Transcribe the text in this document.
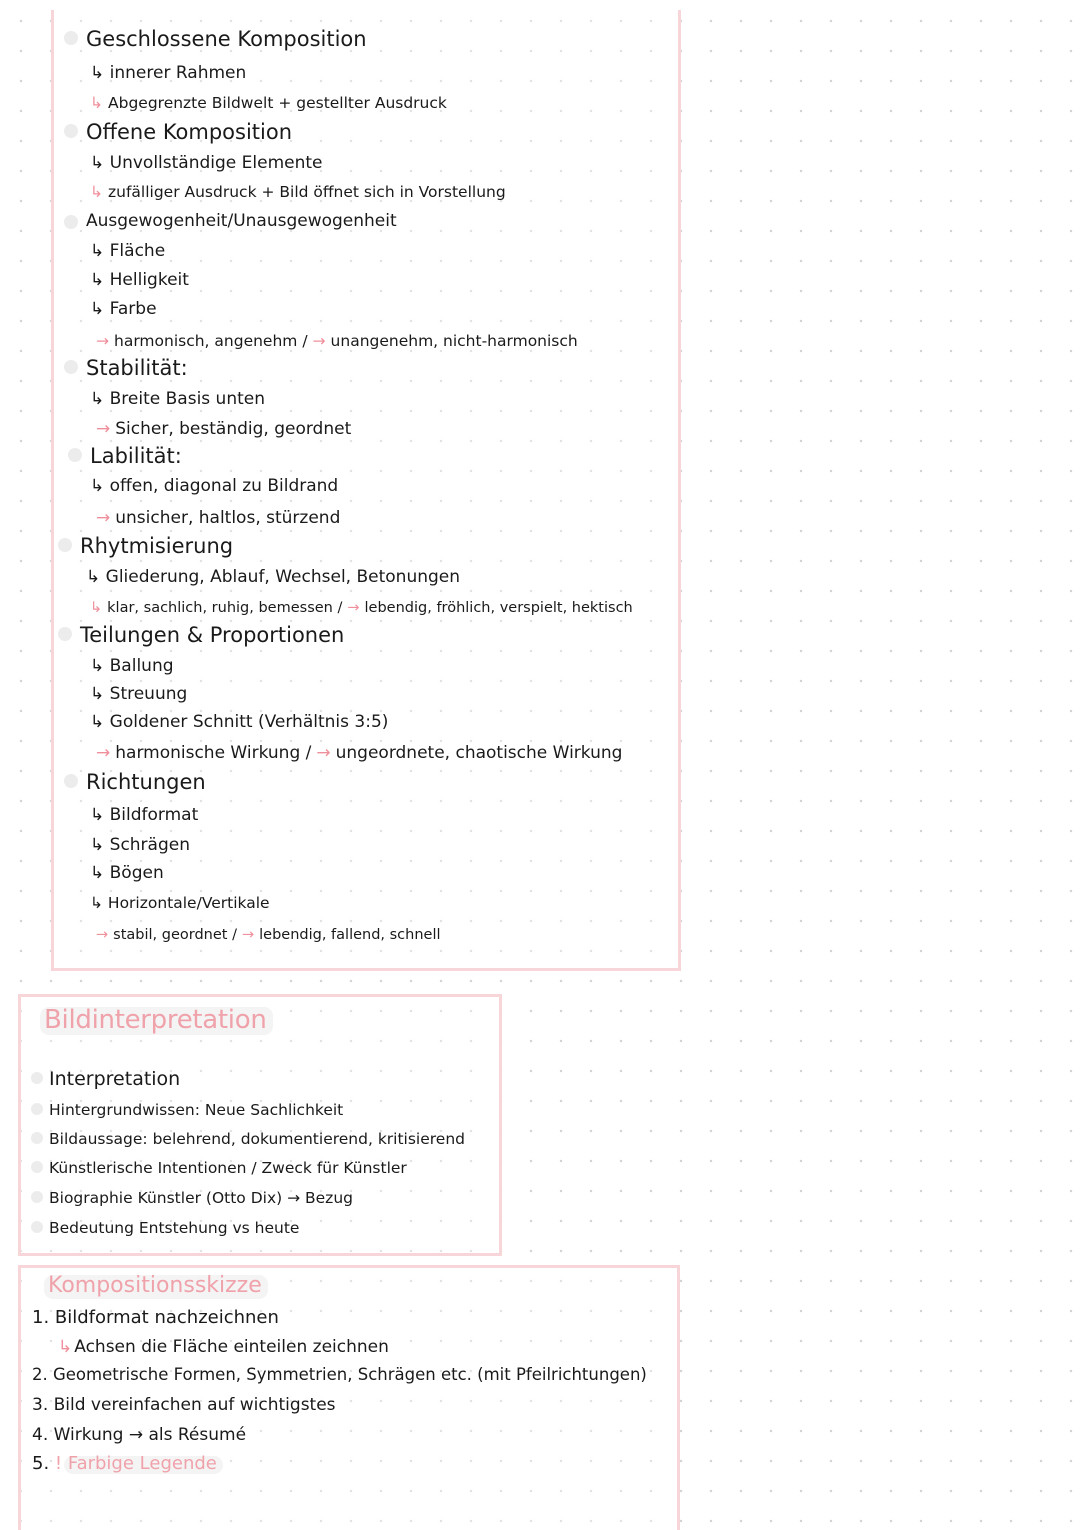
Geschlossene Komposition
↳ innerer Rahmen
↳ Abgegrenzte Bildwelt + gestellter Ausdruck
Offene Komposition
↳ Unvollständige Elemente
↳ zufälliger Ausdruck + Bild öffnet sich in Vorstellung
Ausgewogenheit/Unausgewogenheit
↳ Fläche
↳ Helligkeit
↳ Farbe
→ harmonisch, angenehm / → unangenehm, nicht-harmonisch
Stabilität:
↳ Breite Basis unten
→ Sicher, beständig, geordnet
Labilität:
↳ offen, diagonal zu Bildrand
→ unsicher, haltlos, stürzend
Rhytmisierung
↳ Gliederung, Ablauf, Wechsel, Betonungen
↳ klar, sachlich, ruhig, bemessen / → lebendig, fröhlich, verspielt, hektisch
Teilungen & Proportionen
↳ Ballung
↳ Streuung
↳ Goldener Schnitt (Verhältnis 3:5)
→ harmonische Wirkung / → ungeordnete, chaotische Wirkung
Richtungen
↳ Bildformat
↳ Schrägen
↳ Bögen
↳ Horizontale/Vertikale
→ stabil, geordnet / → lebendig, fallend, schnell
Bildinterpretation
Interpretation
Hintergrundwissen: Neue Sachlichkeit
Bildaussage: belehrend, dokumentierend, kritisierend
Künstlerische Intentionen / Zweck für Künstler
Biographie Künstler (Otto Dix) → Bezug
Bedeutung Entstehung vs heute
Kompositionsskizze
1. Bildformat nachzeichnen
↳ Achsen die Fläche einteilen zeichnen
2. Geometrische Formen, Symmetrien, Schrägen etc. (mit Pfeilrichtungen)
3. Bild vereinfachen auf wichtigstes
4. Wirkung → als Résumé
5. ! Farbige Legende
